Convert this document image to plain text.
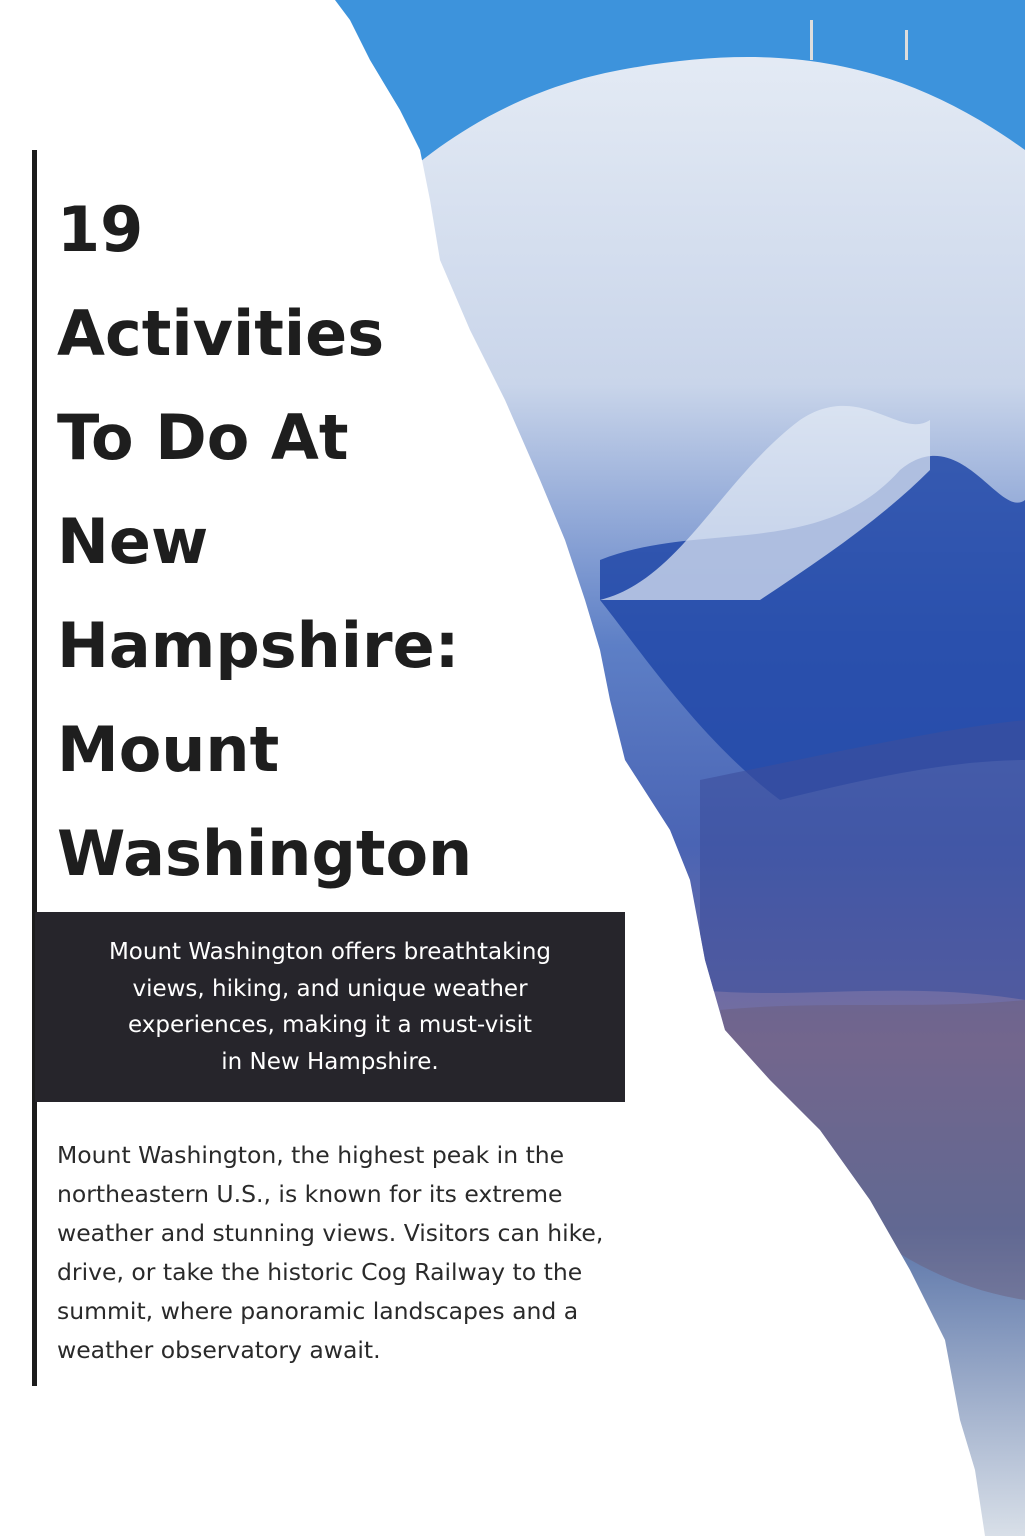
19
Activities
To Do At
New
Hampshire:
Mount
Washington
Mount Washington offers breathtaking
views, hiking, and unique weather
experiences, making it a must-visit
in New Hampshire.
Mount Washington, the highest peak in the
northeastern U.S., is known for its extreme
weather and stunning views. Visitors can hike,
drive, or take the historic Cog Railway to the
summit, where panoramic landscapes and a
weather observatory await.
